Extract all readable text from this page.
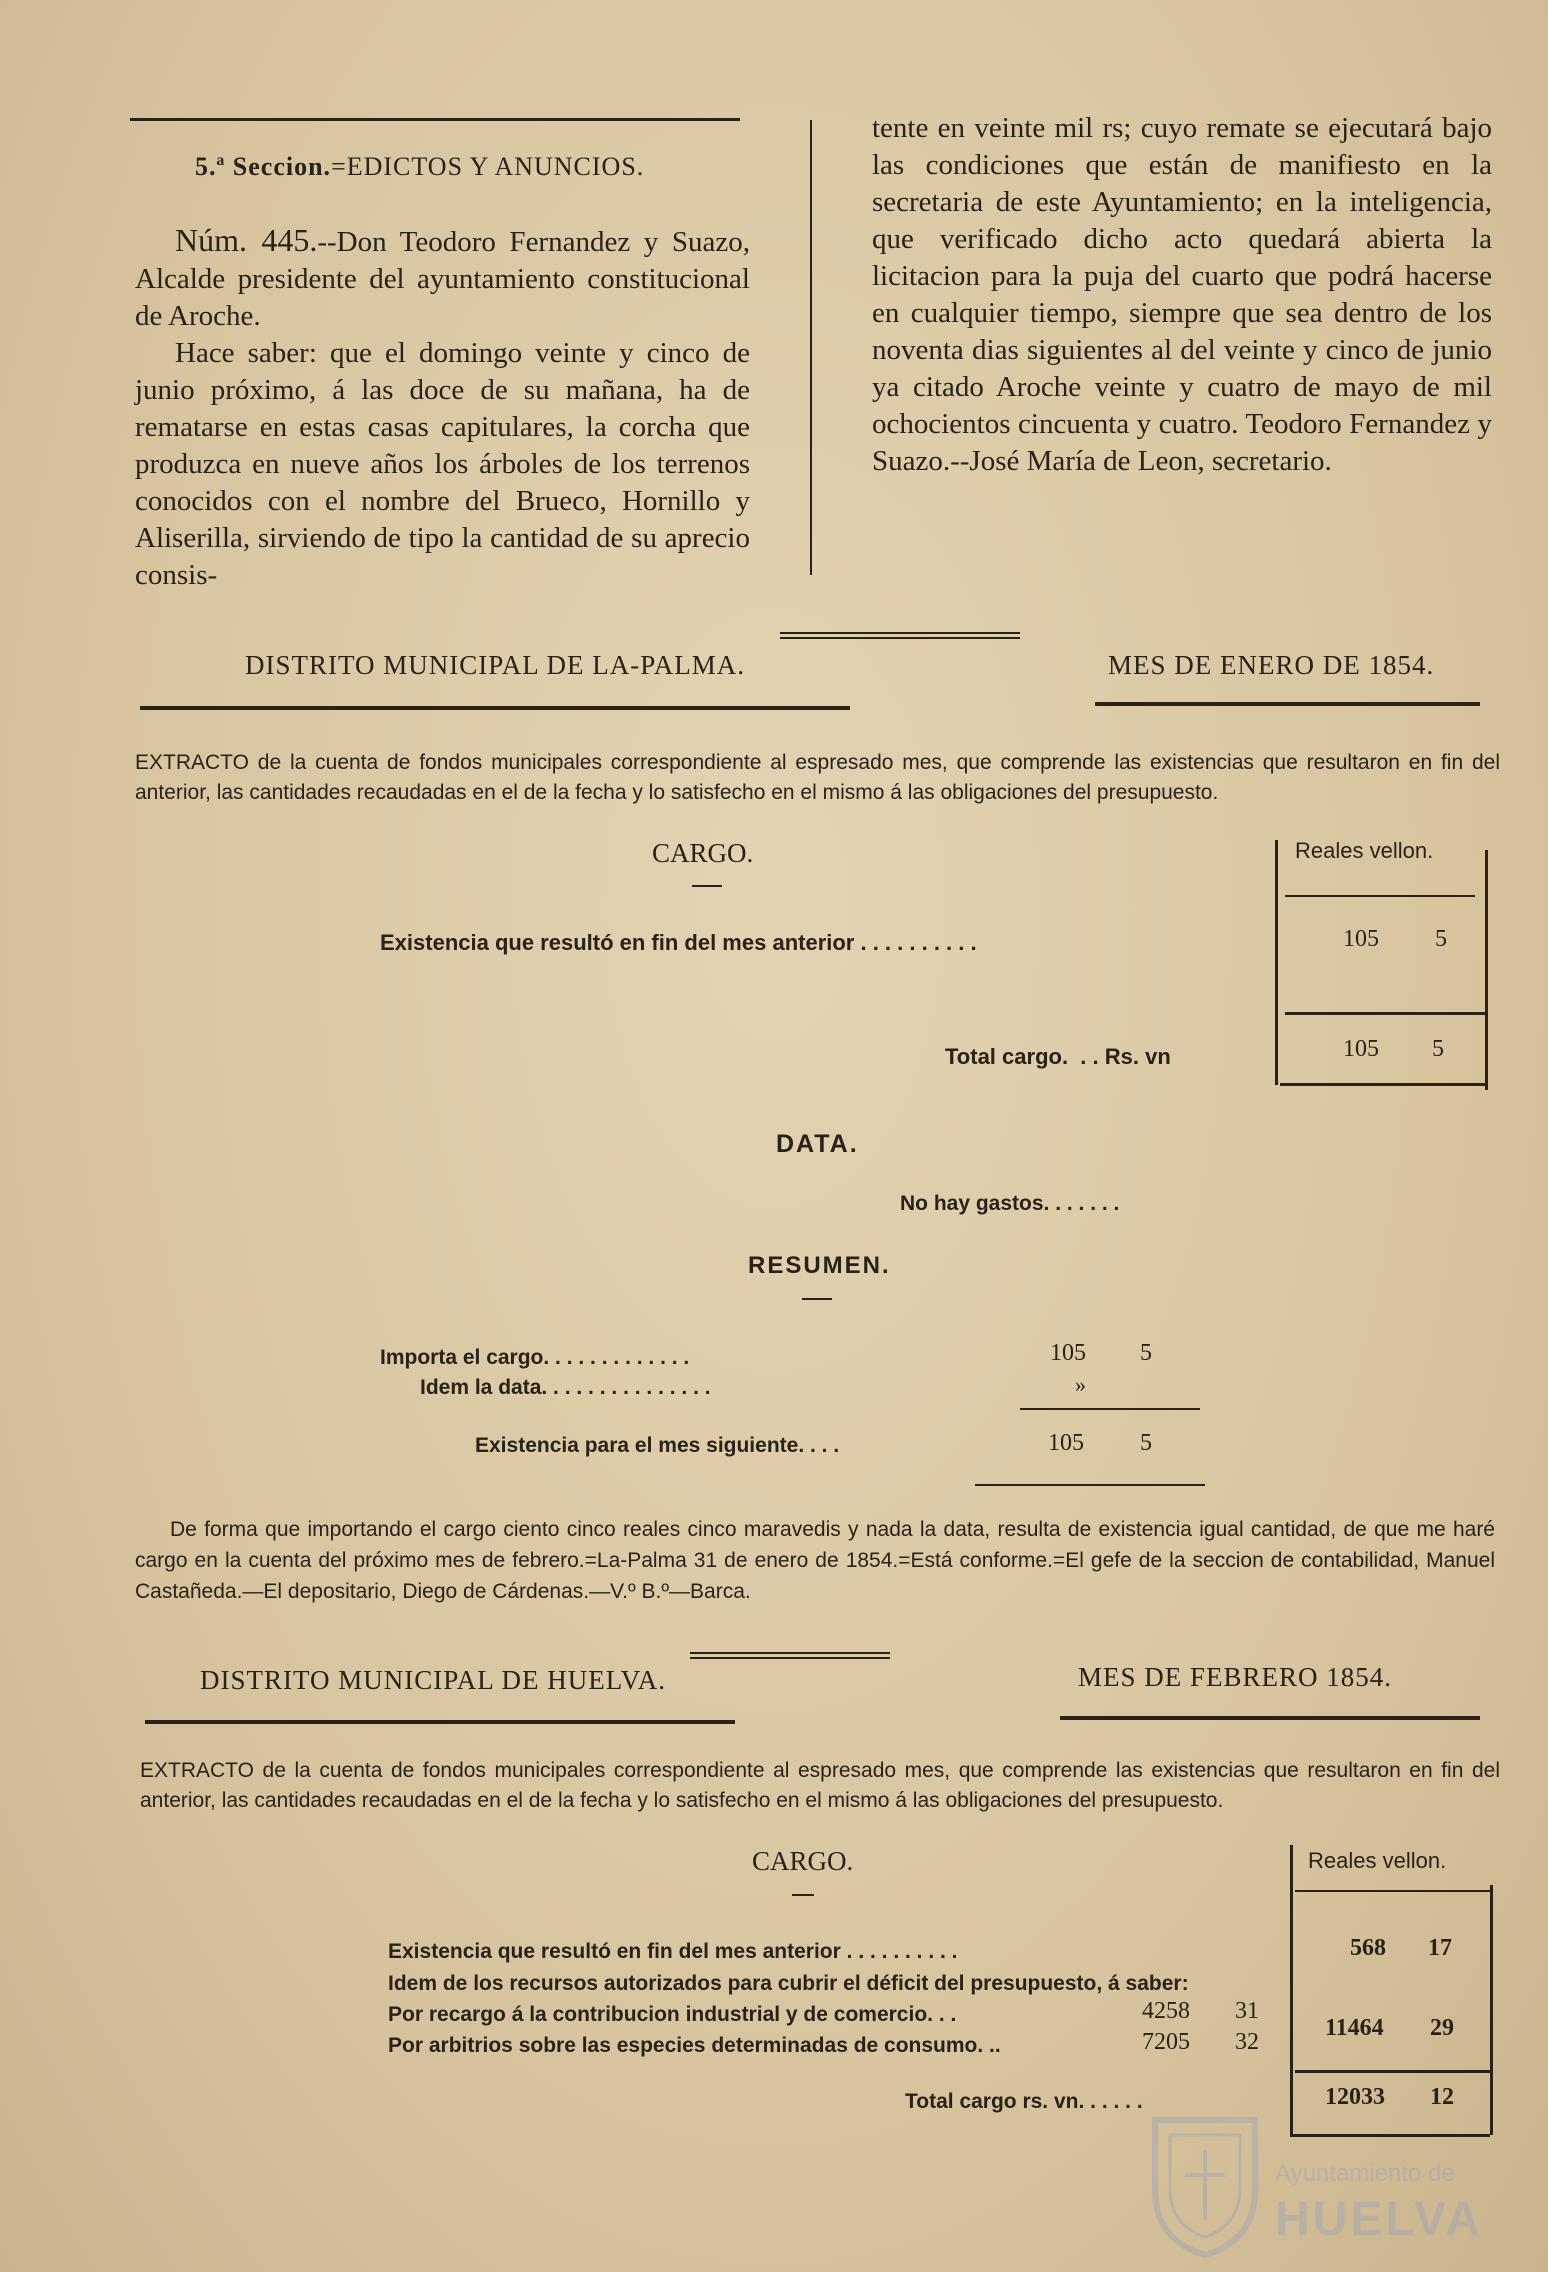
5.ª Seccion.=EDICTOS Y ANUNCIOS.

Núm. 445.--Don Teodoro Fernandez y Suazo, Alcalde presidente del ayuntamiento constitucional de Aroche.

Hace saber: que el domingo veinte y cinco de junio próximo, á las doce de su mañana, ha de rematarse en estas casas capitulares, la corcha que produzca en nueve años los árboles de los terrenos conocidos con el nombre del Brueco, Hornillo y Aliserilla, sirviendo de tipo la cantidad de su aprecio consis-

tente en veinte mil rs; cuyo remate se ejecutará bajo las condiciones que están de manifiesto en la secretaria de este Ayuntamiento; en la inteligencia, que verificado dicho acto quedará abierta la licitacion para la puja del cuarto que podrá hacerse en cualquier tiempo, siempre que sea dentro de los noventa dias siguientes al del veinte y cinco de junio ya citado Aroche veinte y cuatro de mayo de mil ochocientos cincuenta y cuatro. Teodoro Fernandez y Suazo.--José María de Leon, secretario.

DISTRITO MUNICIPAL DE LA-PALMA.	MES DE ENERO DE 1854.
EXTRACTO de la cuenta de fondos municipales correspondiente al espresado mes, que comprende las existencias que resultaron en fin del anterior, las cantidades recaudadas en el de la fecha y lo satisfecho en el mismo á las obligaciones del presupuesto.
CARGO.	Reales vellon.
Existencia que resultó en fin del mes anterior . . . . . . . . . .	105 5
Total cargo.  . . Rs. vn	105 5
DATA.
No hay gastos. . . . . . .
RESUMEN.
Importa el cargo. . . . . . . . . . . . .	105 5
Idem la data. . . . . . . . . . . . . . .	»
Existencia para el mes siguiente. . . .	105 5
De forma que importando el cargo ciento cinco reales cinco maravedis y nada la data, resulta de existencia igual cantidad, de que me haré cargo en la cuenta del próximo mes de febrero.=La-Palma 31 de enero de 1854.=Está conforme.=El gefe de la seccion de contabilidad, Manuel Castañeda.—El depositario, Diego de Cárdenas.—V.º B.º—Barca.
DISTRITO MUNICIPAL DE HUELVA.	MES DE FEBRERO 1854.
EXTRACTO de la cuenta de fondos municipales correspondiente al espresado mes, que comprende las existencias que resultaron en fin del anterior, las cantidades recaudadas en el de la fecha y lo satisfecho en el mismo á las obligaciones del presupuesto.
CARGO.	Reales vellon.
Existencia que resultó en fin del mes anterior . . . . . . . . . .	568 17
Idem de los recursos autorizados para cubrir el déficit del presupuesto, á saber:
Por recargo á la contribucion industrial y de comercio. . .	4258 31
Por arbitrios sobre las especies determinadas de consumo. ..	7205 32
11464 29
Total cargo rs. vn. . . . . .	12033 12
Ayuntamiento de
HUELVA
